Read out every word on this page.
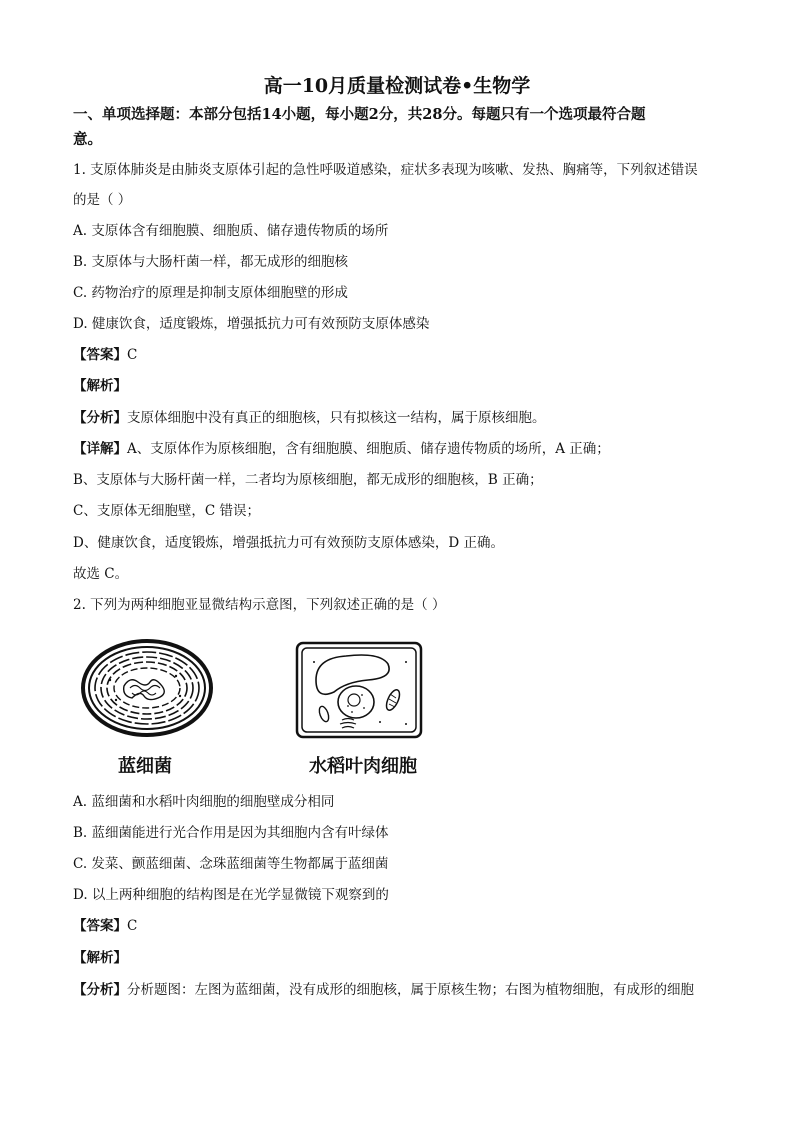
高一10月质量检测试卷•生物学
一、单项选择题：本部分包括14小题，每小题2分，共28分。每题只有一个选项最符合题
意。
1. 支原体肺炎是由肺炎支原体引起的急性呼吸道感染，症状多表现为咳嗽、发热、胸痛等，下列叙述错误
的是（ ）
A. 支原体含有细胞膜、细胞质、储存遗传物质的场所
B. 支原体与大肠杆菌一样，都无成形的细胞核
C. 药物治疗的原理是抑制支原体细胞壁的形成
D. 健康饮食，适度锻炼，增强抵抗力可有效预防支原体感染
【答案】C
【解析】
【分析】支原体细胞中没有真正的细胞核，只有拟核这一结构，属于原核细胞。
【详解】A、支原体作为原核细胞，含有细胞膜、细胞质、储存遗传物质的场所，A 正确；
B、支原体与大肠杆菌一样，二者均为原核细胞，都无成形的细胞核，B 正确；
C、支原体无细胞壁，C 错误；
D、健康饮食，适度锻炼，增强抵抗力可有效预防支原体感染，D 正确。
故选 C。
2. 下列为两种细胞亚显微结构示意图，下列叙述正确的是（ ）
蓝细菌	水稻叶肉细胞
A. 蓝细菌和水稻叶肉细胞的细胞壁成分相同
B. 蓝细菌能进行光合作用是因为其细胞内含有叶绿体
C. 发菜、颤蓝细菌、念珠蓝细菌等生物都属于蓝细菌
D. 以上两种细胞的结构图是在光学显微镜下观察到的
【答案】C
【解析】
【分析】分析题图：左图为蓝细菌，没有成形的细胞核，属于原核生物；右图为植物细胞，有成形的细胞
